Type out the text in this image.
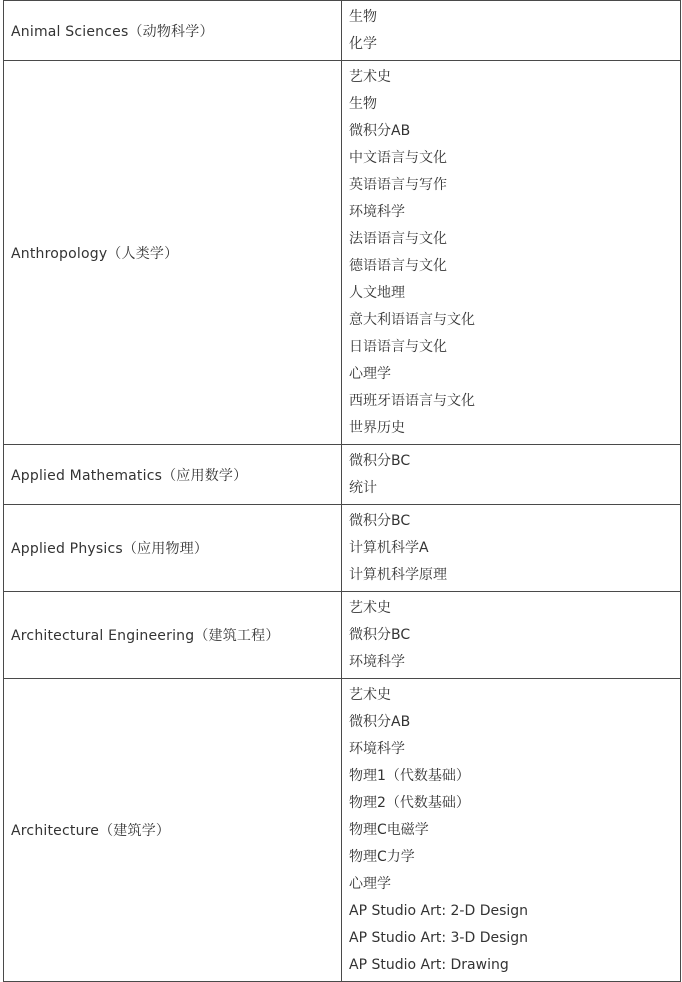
Animal Sciences（动物科学）
生物
化学
Anthropology（人类学）
艺术史
生物
微积分AB
中文语言与文化
英语语言与写作
环境科学
法语语言与文化
德语语言与文化
人文地理
意大利语语言与文化
日语语言与文化
心理学
西班牙语语言与文化
世界历史
Applied Mathematics（应用数学）
微积分BC
统计
Applied Physics（应用物理）
微积分BC
计算机科学A
计算机科学原理
Architectural Engineering（建筑工程）
艺术史
微积分BC
环境科学
Architecture（建筑学）
艺术史
微积分AB
环境科学
物理1（代数基础）
物理2（代数基础）
物理C电磁学
物理C力学
心理学
AP Studio Art: 2-D Design
AP Studio Art: 3-D Design
AP Studio Art: Drawing
